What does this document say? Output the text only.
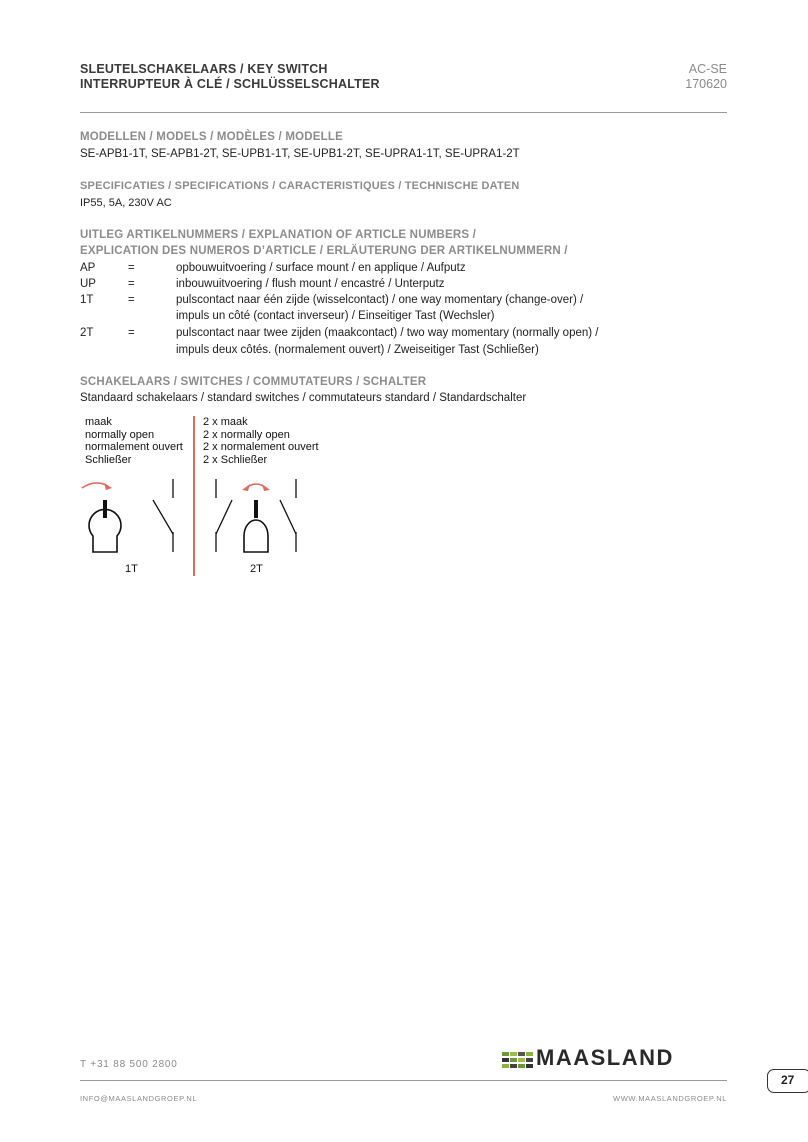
SLEUTELSCHAKELAARS / KEY SWITCH
INTERRUPTEUR À CLÉ / SCHLÜSSELSCHALTER
AC-SE
170620
MODELLEN / MODELS / MODÈLES / MODELLE
SE-APB1-1T, SE-APB1-2T, SE-UPB1-1T, SE-UPB1-2T, SE-UPRA1-1T, SE-UPRA1-2T
SPECIFICATIES / SPECIFICATIONS / CARACTERISTIQUES / TECHNISCHE DATEN
IP55, 5A, 230V AC
UITLEG ARTIKELNUMMERS / EXPLANATION OF ARTICLE NUMBERS /
EXPLICATION DES NUMEROS D’ARTICLE / ERLÄUTERUNG DER ARTIKELNUMMERN /
AP	=	opbouwuitvoering / surface mount / en applique / Aufputz
UP	=	inbouwuitvoering / flush mount / encastré / Unterputz
1T	=	pulscontact naar één zijde (wisselcontact) / one way momentary (change-over) /
impuls un côté (contact inverseur) / Einseitiger Tast (Wechsler)
2T	=	pulscontact naar twee zijden (maakcontact) / two way momentary (normally open) /
impuls deux côtés. (normalement ouvert) / Zweiseitiger Tast (Schließer)
SCHAKELAARS / SWITCHES / COMMUTATEURS / SCHALTER
Standaard schakelaars / standard switches / commutateurs standard / Standardschalter
maak
normally open
normalement ouvert
Schließer
2 x maak
2 x normally open
2 x normalement ouvert
2 x Schließer
1T	2T
T +31 88 500 2800	MAASLAND
INFO@MAASLANDGROEP.NL	WWW.MAASLANDGROEP.NL
27
